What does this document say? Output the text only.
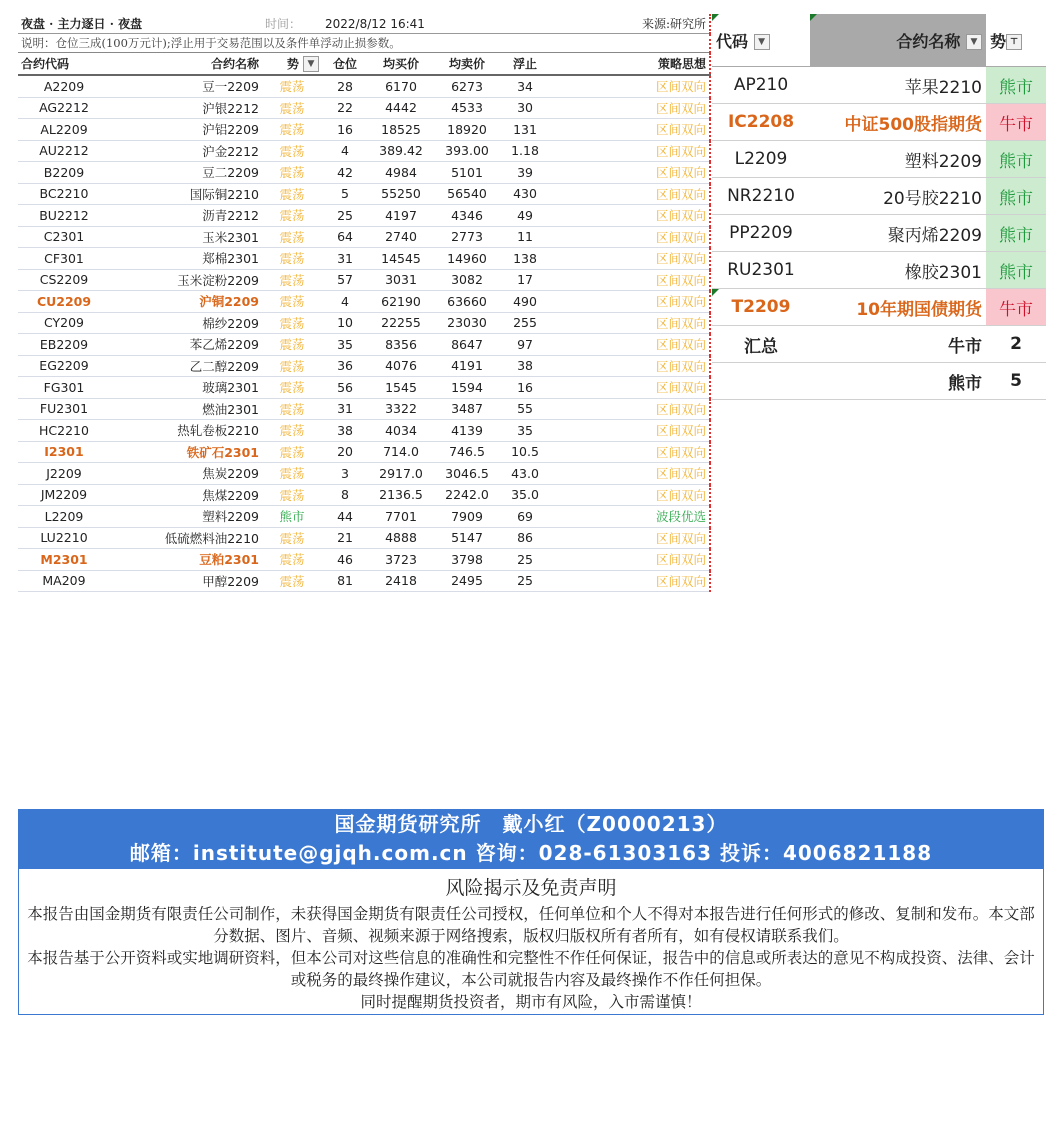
夜盘 · 主力逐日 · 夜盘		时间：	2022/8/12 16:41		来源:研究所		
说明：仓位三成(100万元计);浮止用于交易范围以及条件单浮动止损参数。							
合约代码	合约名称	势 ▼	仓位	均买价	均卖价	浮止	策略思想
A2209	豆一2209	震荡	28	6170	6273	34	区间双向
AG2212	沪银2212	震荡	22	4442	4533	30	区间双向
AL2209	沪铝2209	震荡	16	18525	18920	131	区间双向
AU2212	沪金2212	震荡	4	389.42	393.00	1.18	区间双向
B2209	豆二2209	震荡	42	4984	5101	39	区间双向
BC2210	国际铜2210	震荡	5	55250	56540	430	区间双向
BU2212	沥青2212	震荡	25	4197	4346	49	区间双向
C2301	玉米2301	震荡	64	2740	2773	11	区间双向
CF301	郑棉2301	震荡	31	14545	14960	138	区间双向
CS2209	玉米淀粉2209	震荡	57	3031	3082	17	区间双向
CU2209	沪铜2209	震荡	4	62190	63660	490	区间双向
CY209	棉纱2209	震荡	10	22255	23030	255	区间双向
EB2209	苯乙烯2209	震荡	35	8356	8647	97	区间双向
EG2209	乙二醇2209	震荡	36	4076	4191	38	区间双向
FG301	玻璃2301	震荡	56	1545	1594	16	区间双向
FU2301	燃油2301	震荡	31	3322	3487	55	区间双向
HC2210	热轧卷板2210	震荡	38	4034	4139	35	区间双向
I2301	铁矿石2301	震荡	20	714.0	746.5	10.5	区间双向
J2209	焦炭2209	震荡	3	2917.0	3046.5	43.0	区间双向
JM2209	焦煤2209	震荡	8	2136.5	2242.0	35.0	区间双向
L2209	塑料2209	熊市	44	7701	7909	69	波段优选
LU2210	低硫燃料油2210	震荡	21	4888	5147	86	区间双向
M2301	豆粕2301	震荡	46	3723	3798	25	区间双向
MA209	甲醇2209	震荡	81	2418	2495	25	区间双向
代码 ▼	合约名称 ▼	势 ⊤
AP210	苹果2210	熊市
IC2208	中证500股指期货	牛市
L2209	塑料2209	熊市
NR2210	20号胶2210	熊市
PP2209	聚丙烯2209	熊市
RU2301	橡胶2301	熊市
T2209	10年期国债期货	牛市
汇总	牛市	2
	熊市	5
国金期货研究所　戴小红（Z0000213）
邮箱：institute@gjqh.com.cn 咨询：028-61303163 投诉：4006821188
风险揭示及免责声明

本报告由国金期货有限责任公司制作，未获得国金期货有限责任公司授权，任何单位和个人不得对本报告进行任何形式的修改、复制和发布。本文部分数据、图片、音频、视频来源于网络搜索，版权归版权所有者所有，如有侵权请联系我们。

本报告基于公开资料或实地调研资料，但本公司对这些信息的准确性和完整性不作任何保证，报告中的信息或所表达的意见不构成投资、法律、会计或税务的最终操作建议，本公司就报告内容及最终操作不作任何担保。

同时提醒期货投资者，期市有风险，入市需谨慎！
